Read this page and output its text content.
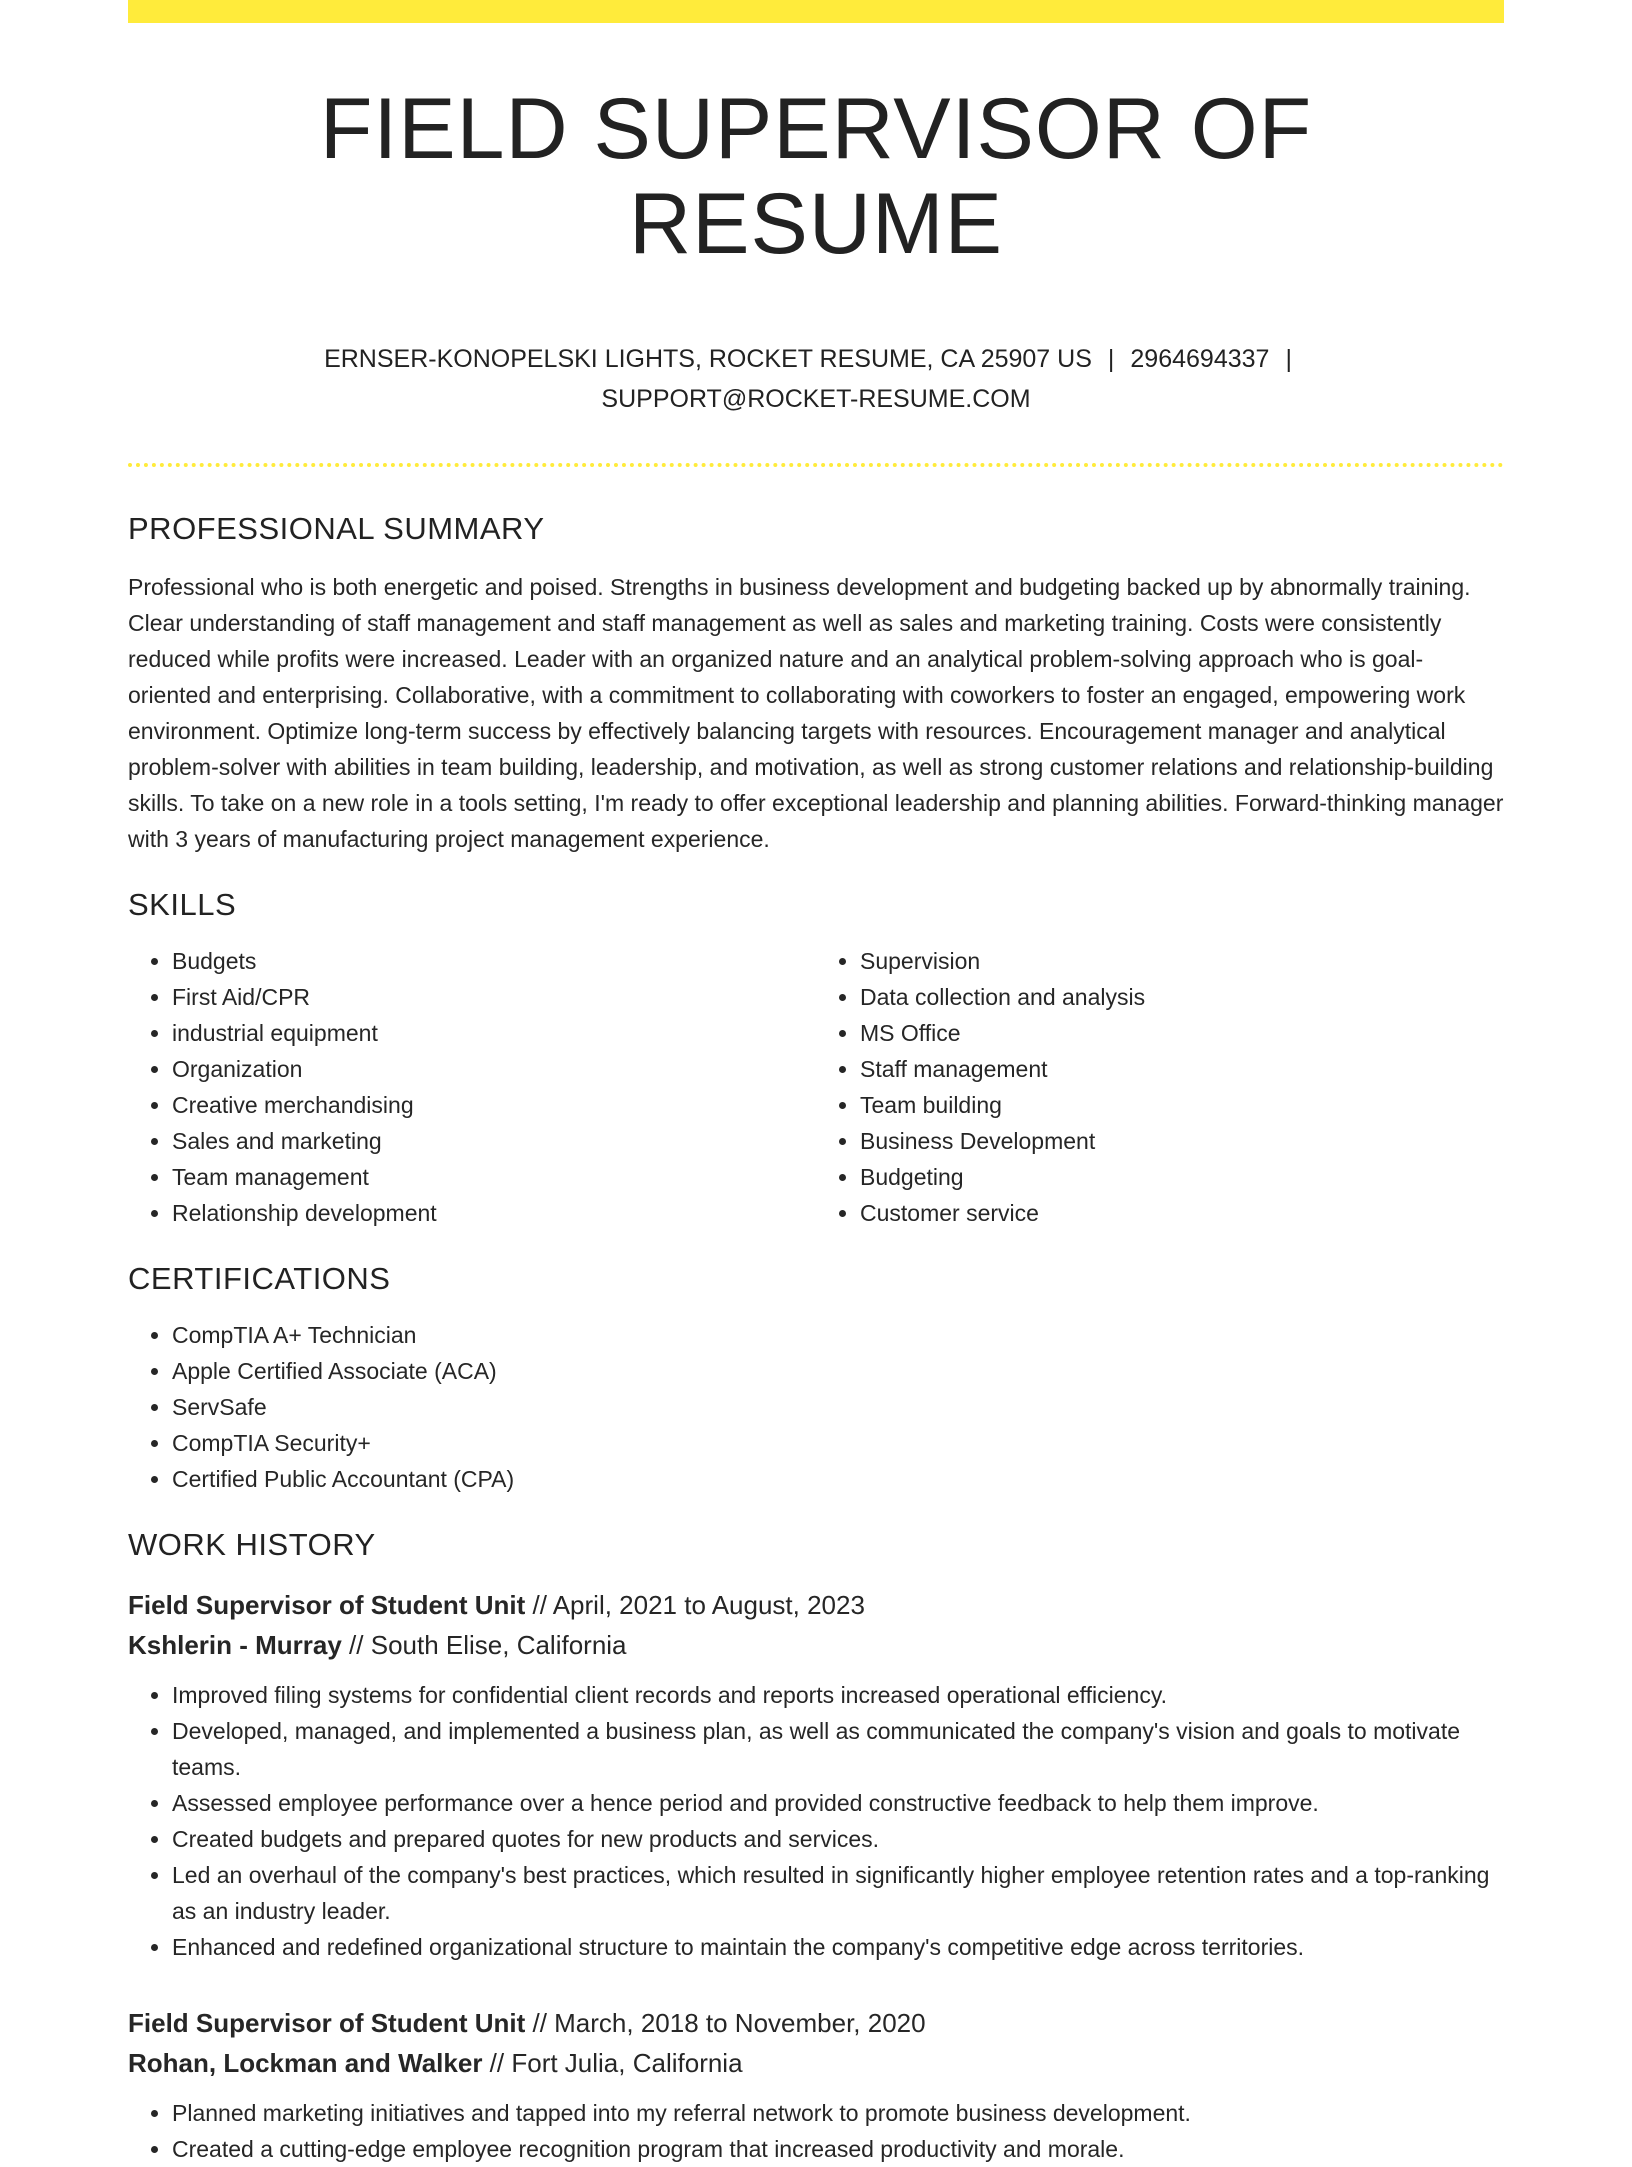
FIELD SUPERVISOR OF RESUME
ERNSER-KONOPELSKI LIGHTS, ROCKET RESUME, CA 25907 US | 2964694337 |
SUPPORT@ROCKET-RESUME.COM
PROFESSIONAL SUMMARY

Professional who is both energetic and poised. Strengths in business development and budgeting backed up by abnormally training. Clear understanding of staff management and staff management as well as sales and marketing training. Costs were consistently reduced while profits were increased. Leader with an organized nature and an analytical problem-solving approach who is goal-oriented and enterprising. Collaborative, with a commitment to collaborating with coworkers to foster an engaged, empowering work environment. Optimize long-term success by effectively balancing targets with resources. Encouragement manager and analytical problem-solver with abilities in team building, leadership, and motivation, as well as strong customer relations and relationship-building skills. To take on a new role in a tools setting, I'm ready to offer exceptional leadership and planning abilities. Forward-thinking manager with 3 years of manufacturing project management experience.

SKILLS
• Budgets
• First Aid/CPR
• industrial equipment
• Organization
• Creative merchandising
• Sales and marketing
• Team management
• Relationship development
• Supervision
• Data collection and analysis
• MS Office
• Staff management
• Team building
• Business Development
• Budgeting
• Customer service
CERTIFICATIONS
• CompTIA A+ Technician
• Apple Certified Associate (ACA)
• ServSafe
• CompTIA Security+
• Certified Public Accountant (CPA)
WORK HISTORY
Field Supervisor of Student Unit // April, 2021 to August, 2023
Kshlerin - Murray // South Elise, California
• Improved filing systems for confidential client records and reports increased operational efficiency.
• Developed, managed, and implemented a business plan, as well as communicated the company's vision and goals to motivate teams.
• Assessed employee performance over a hence period and provided constructive feedback to help them improve.
• Created budgets and prepared quotes for new products and services.
• Led an overhaul of the company's best practices, which resulted in significantly higher employee retention rates and a top-ranking as an industry leader.
• Enhanced and redefined organizational structure to maintain the company's competitive edge across territories.
Field Supervisor of Student Unit // March, 2018 to November, 2020
Rohan, Lockman and Walker // Fort Julia, California
• Planned marketing initiatives and tapped into my referral network to promote business development.
• Created a cutting-edge employee recognition program that increased productivity and morale.
